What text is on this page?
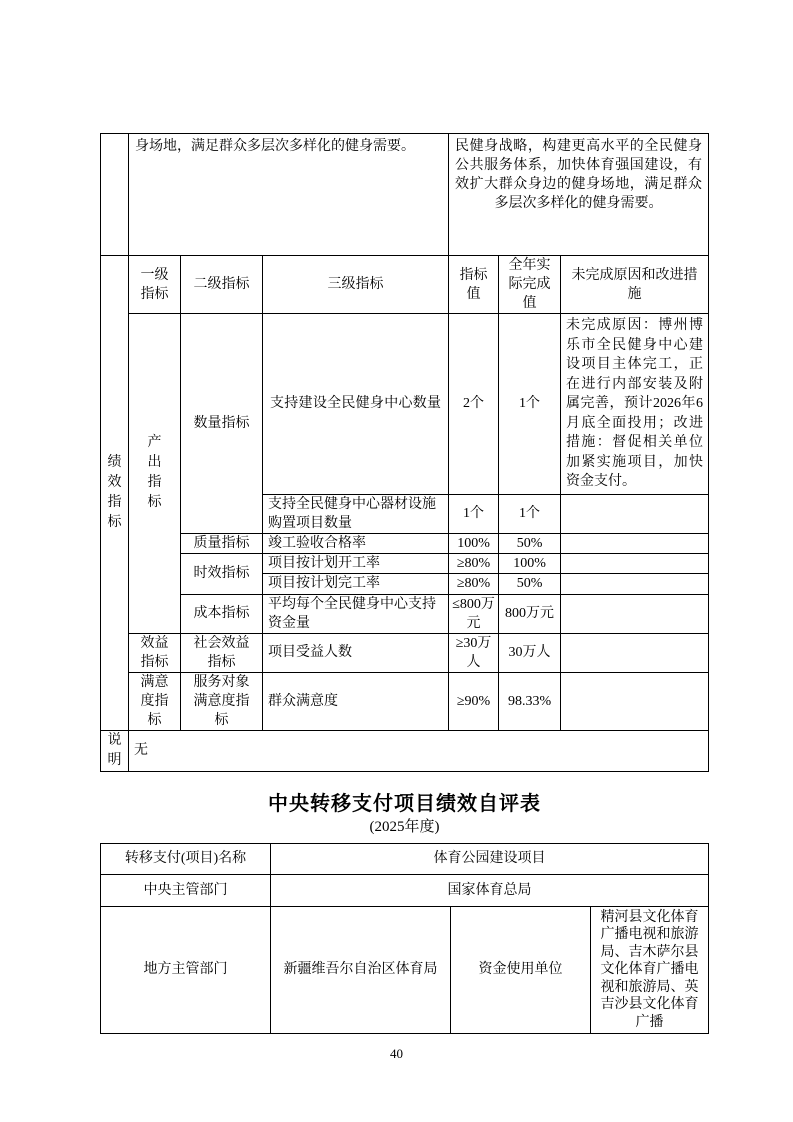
	身场地，满足群众多层次多样化的健身需要。			民健身战略，构建更高水平的全民健身公共服务体系，加快体育强国建设，有效扩大群众身边的健身场地，满足群众多层次多样化的健身需要。		
绩效指标	一级指标	二级指标	三级指标	指标值	全年实际完成值	未完成原因和改进措施
	产出指标	数量指标	支持建设全民健身中心数量	2个	1个	未完成原因：博州博乐市全民健身中心建设项目主体完工，正在进行内部安装及附属完善，预计2026年6月底全面投用；改进措施：督促相关单位加紧实施项目，加快资金支付。
			支持全民健身中心器材设施购置项目数量	1个	1个	
		质量指标	竣工验收合格率	100%	50%	
		时效指标	项目按计划开工率	≥80%	100%	
			项目按计划完工率	≥80%	50%	
		成本指标	平均每个全民健身中心支持资金量	≤800万元	800万元	
	效益指标	社会效益指标	项目受益人数	≥30万人	30万人	
	满意度指标	服务对象满意度指标	群众满意度	≥90%	98.33%	
说明	无					
中央转移支付项目绩效自评表
(2025年度)
转移支付(项目)名称	体育公园建设项目		
中央主管部门	国家体育总局		
地方主管部门	新疆维吾尔自治区体育局	资金使用单位	精河县文化体育广播电视和旅游局、吉木萨尔县文化体育广播电视和旅游局、英吉沙县文化体育广播
40
